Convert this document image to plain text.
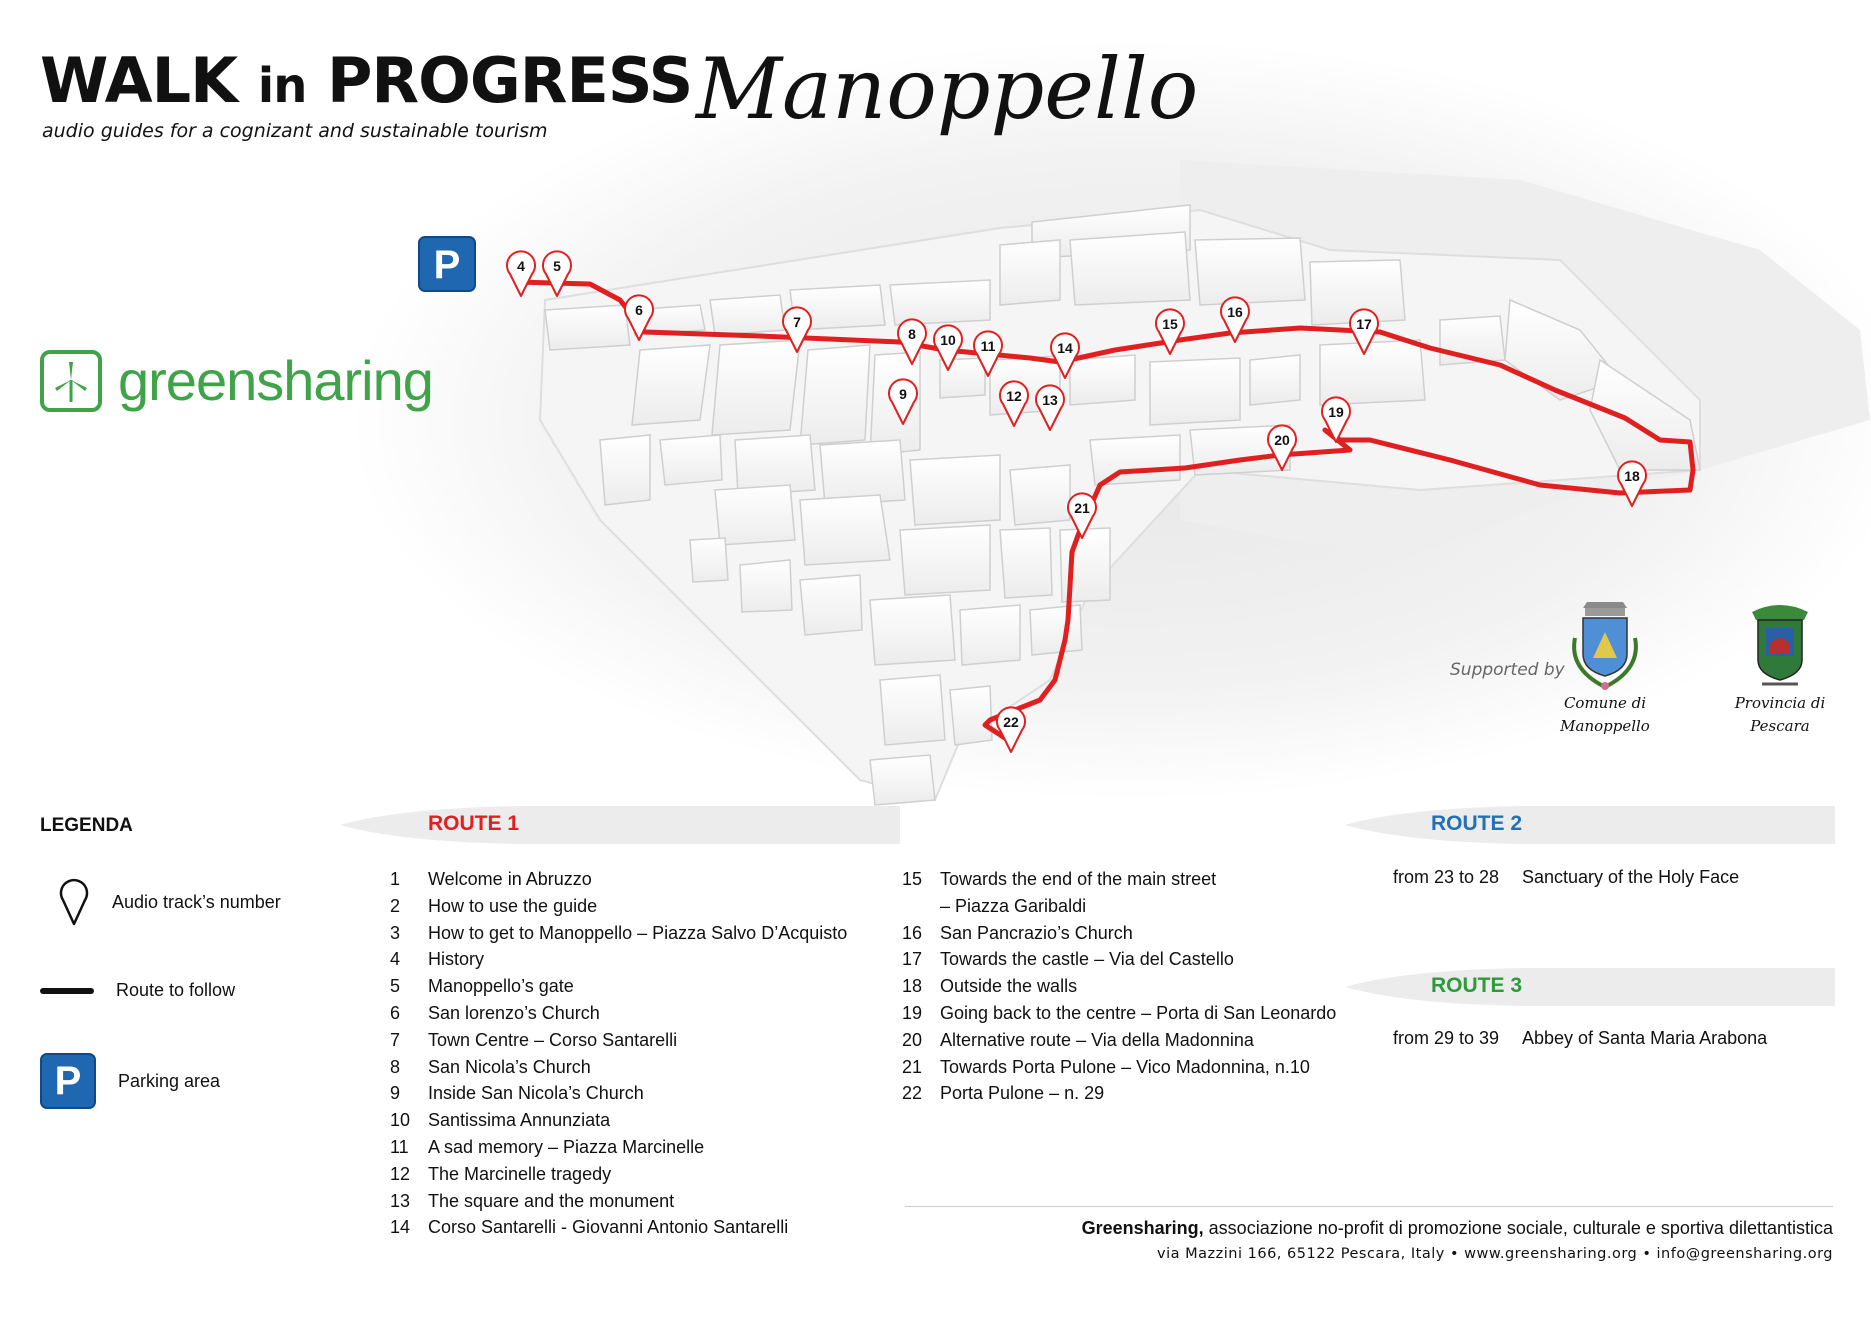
P	4 5
6
7
8
9
10 11
12 13
14
15
16
17
18
19
20
21
22
WALK in PROGRESS
audio guides for a cognizant and sustainable tourism Manoppello
greensharing
Supported by
Comune di
Manoppello
Provincia di
Pescara
LEGENDA
Audio track’s number
Route to follow
P	Parking area
ROUTE 1
1	Welcome in Abruzzo
2	How to use the guide
3	How to get to Manoppello – Piazza Salvo D’Acquisto
4	History
5	Manoppello’s gate
6	San lorenzo’s Church
7	Town Centre – Corso Santarelli
8	San Nicola’s Church
9	Inside San Nicola’s Church
10 Santissima Annunziata
11	A sad memory – Piazza Marcinelle
12 The Marcinelle tragedy
13 The square and the monument
14 Corso Santarelli - Giovanni Antonio Santarelli
15 Towards the end of the main street
– Piazza Garibaldi
16 San Pancrazio’s Church
17 Towards the castle – Via del Castello
18 Outside the walls
19 Going back to the centre – Porta di San Leonardo
20 Alternative route – Via della Madonnina
21 Towards Porta Pulone – Vico Madonnina, n.10
22 Porta Pulone – n. 29
ROUTE 2
from 23 to 28	Sanctuary of the Holy Face
ROUTE 3
from 29 to 39	Abbey of Santa Maria Arabona
Greensharing, associazione no-profit di promozione sociale, culturale e sportiva dilettantistica
via Mazzini 166, 65122 Pescara, Italy • www.greensharing.org • info@greensharing.org
